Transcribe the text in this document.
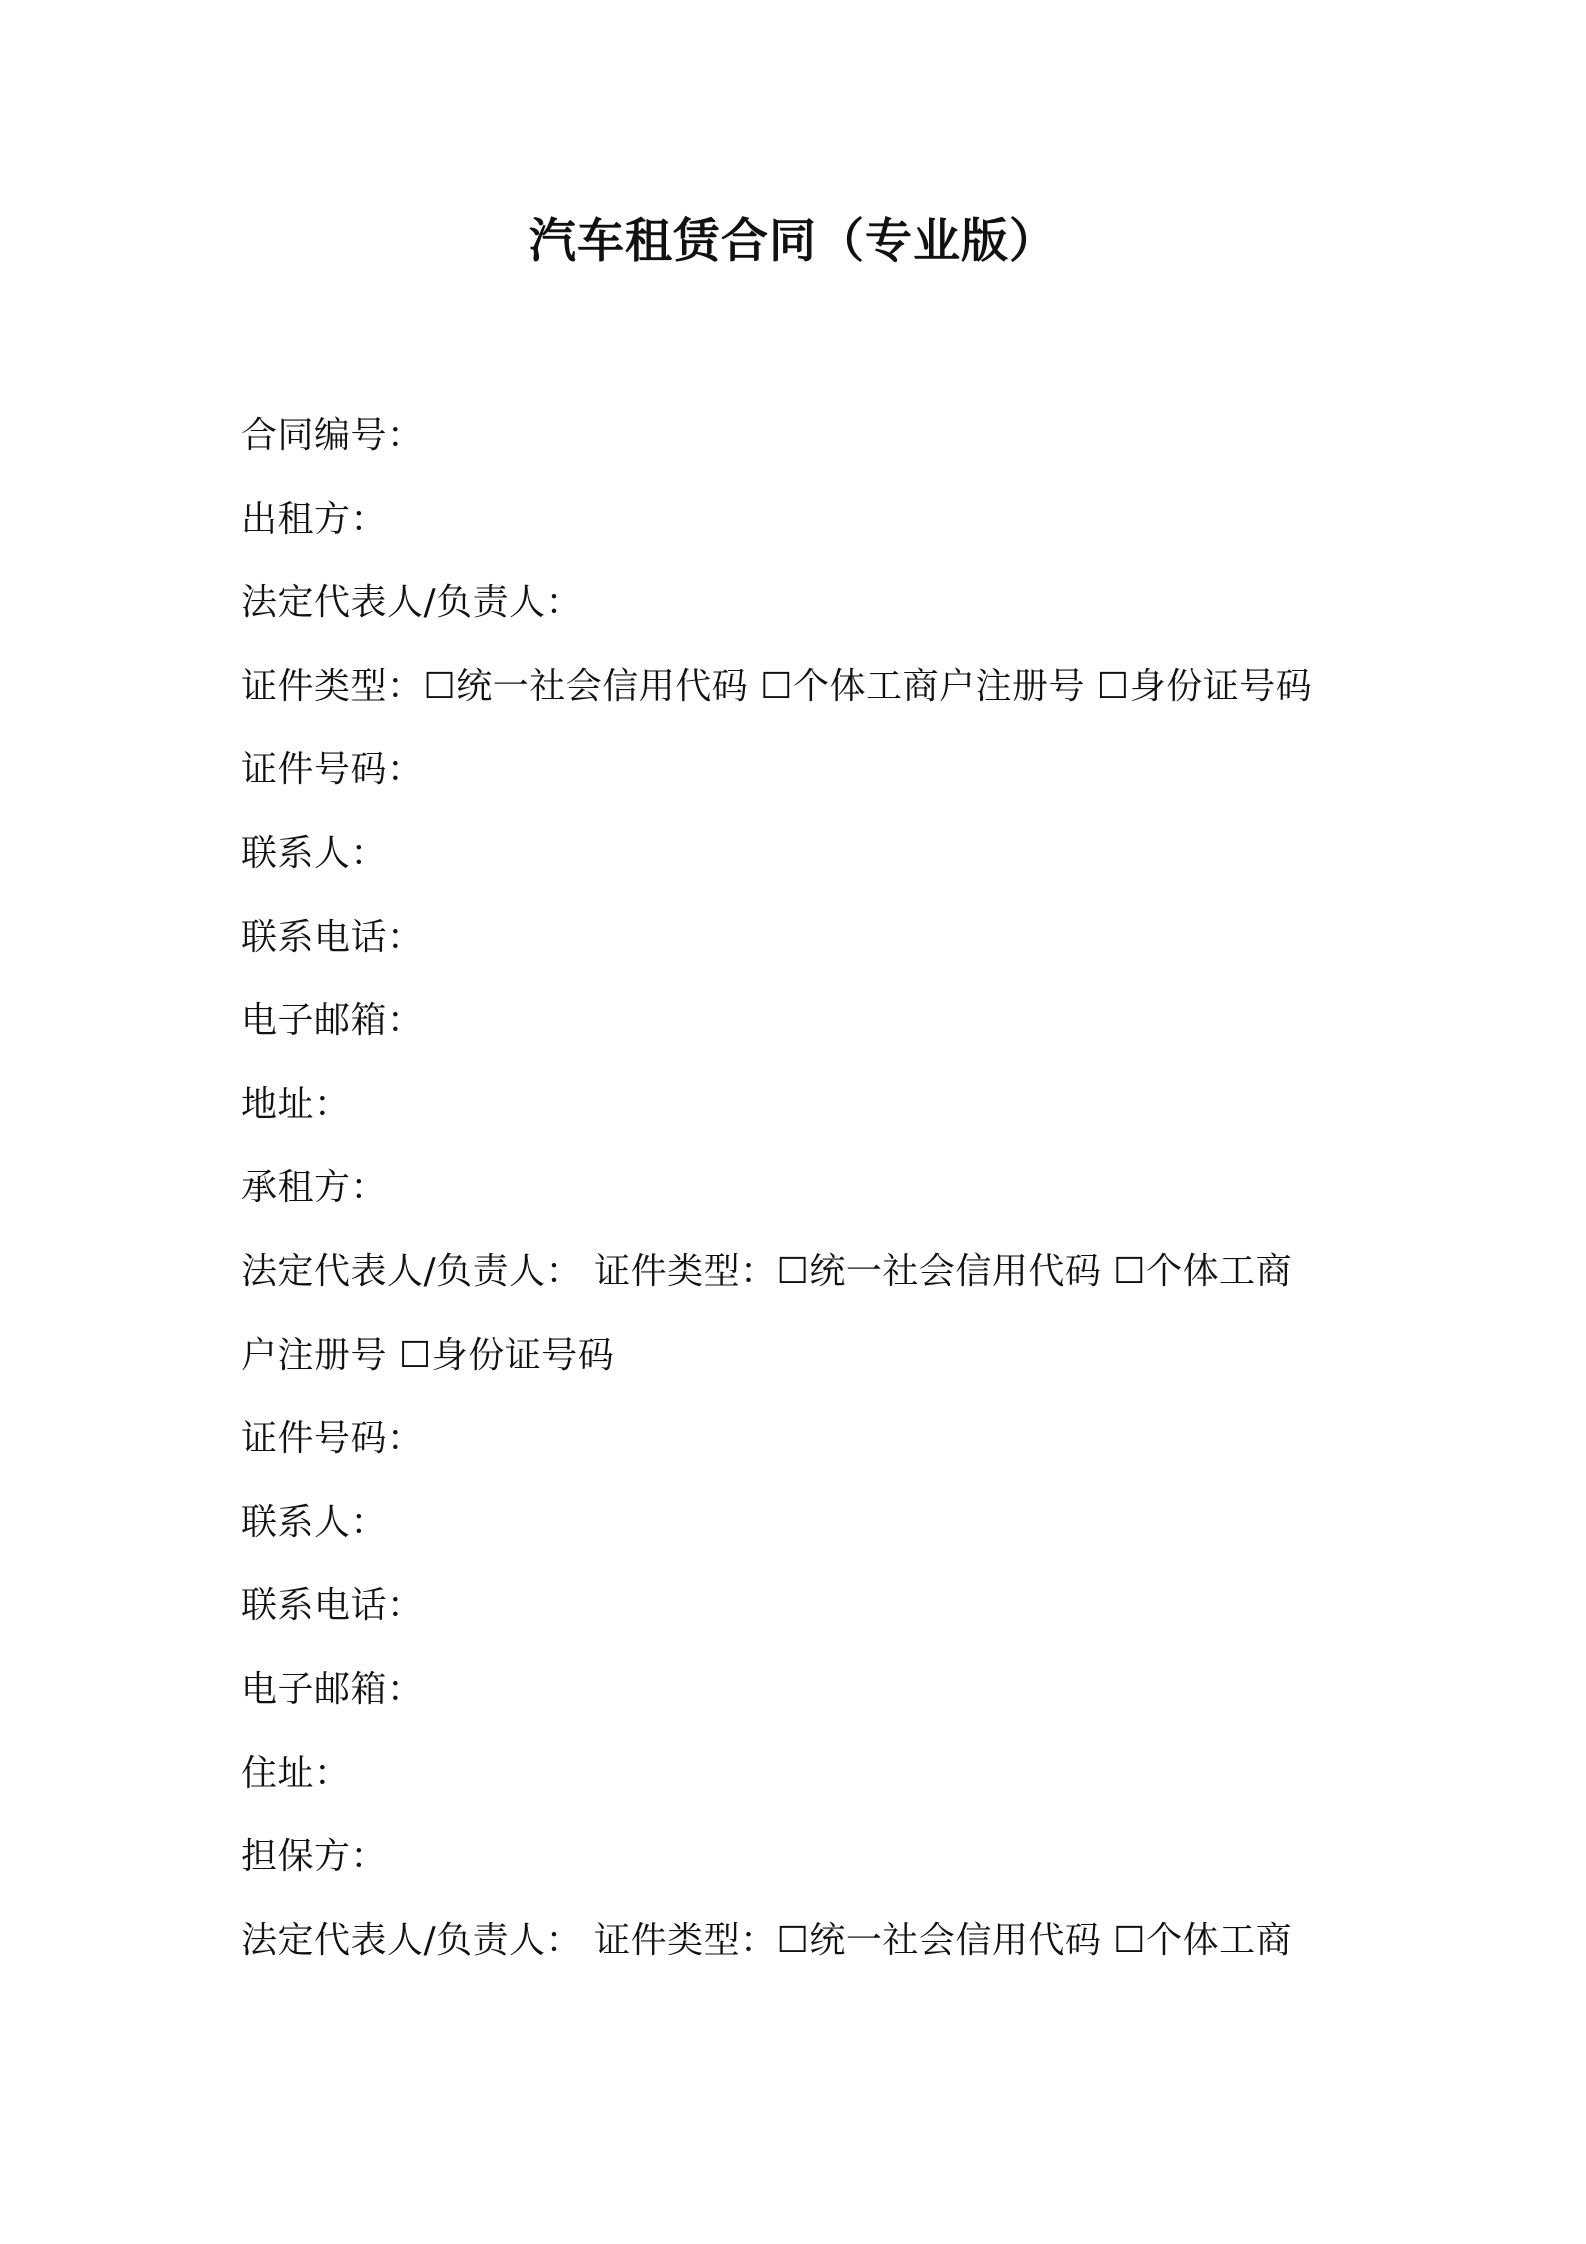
汽车租赁合同（专业版）
合同编号：
出租方：
法定代表人/负责人：
证件类型：☐统一社会信用代码 ☐个体工商户注册号 ☐身份证号码
证件号码：
联系人：
联系电话：
电子邮箱：
地址：
承租方：
法定代表人/负责人： 证件类型：☐统一社会信用代码 ☐个体工商
户注册号 ☐身份证号码
证件号码：
联系人：
联系电话：
电子邮箱：
住址：
担保方：
法定代表人/负责人： 证件类型：☐统一社会信用代码 ☐个体工商
